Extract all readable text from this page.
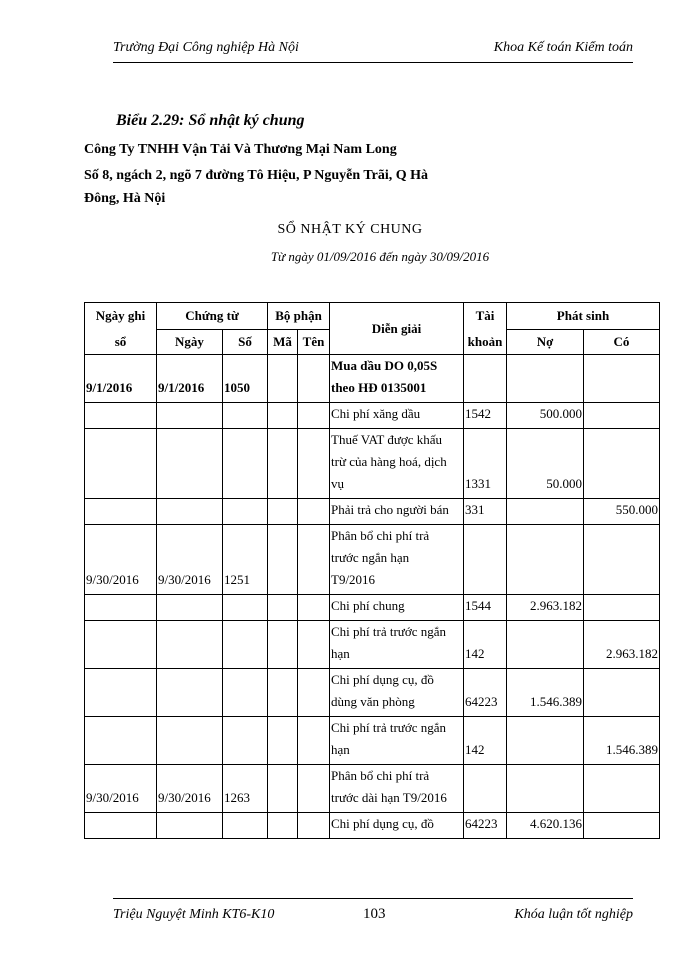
Trường Đại Công nghiệp Hà Nội	Khoa Kế toán Kiểm toán
Biểu 2.29: Sổ nhật ký chung
Công Ty TNHH Vận Tải Và Thương Mại Nam Long
Số 8, ngách 2, ngõ 7 đường Tô Hiệu, P Nguyễn Trãi, Q Hà
Đông, Hà Nội
SỔ NHẬT KÝ CHUNG
Từ ngày 01/09/2016 đến ngày 30/09/2016
Ngày ghi	Chứng từ		Bộ phận		Diễn giải	Tài	Phát sinh	
sổ	Ngày	Số	Mã	Tên		khoản	Nợ	Có
9/1/2016	9/1/2016	1050			Mua dầu DO 0,05S
theo HĐ 0135001			

					Chi phí xăng dầu	1542	500.000	

					Thuế VAT được khấu
trừ của hàng hoá, dịch
vụ	1331	50.000	

					Phải trả cho người bán	331		550.000
9/30/2016	9/30/2016	1251			Phân bổ chi phí trả
trước ngắn hạn
T9/2016			

					Chi phí chung	1544	2.963.182	

					Chi phí trả trước ngắn
hạn	142		2.963.182

					Chi phí dụng cụ, đồ
dùng văn phòng	64223	1.546.389	

					Chi phí trả trước ngắn
hạn	142		1.546.389
9/30/2016	9/30/2016	1263			Phân bổ chi phí trả
trước dài hạn T9/2016			

					Chi phí dụng cụ, đồ	64223	4.620.136	
Triệu Nguyệt Minh KT6-K10	103	Khóa luận tốt nghiệp
